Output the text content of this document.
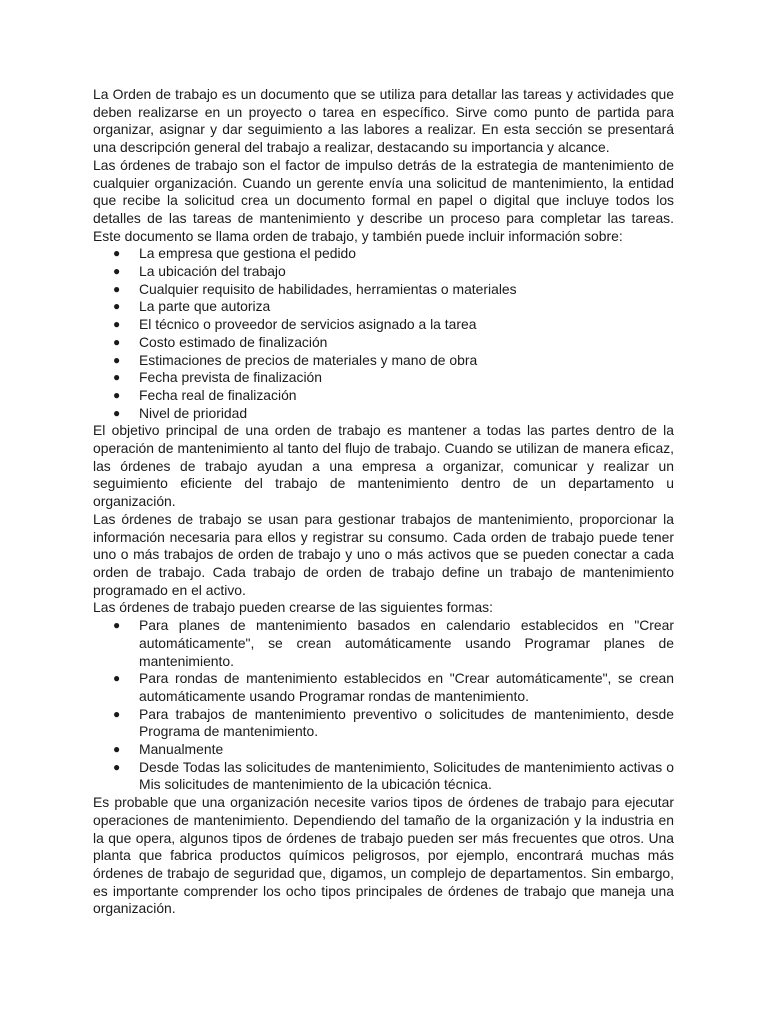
La Orden de trabajo es un documento que se utiliza para detallar las tareas y actividades que deben realizarse en un proyecto o tarea en específico. Sirve como punto de partida para organizar, asignar y dar seguimiento a las labores a realizar. En esta sección se presentará una descripción general del trabajo a realizar, destacando su importancia y alcance.

Las órdenes de trabajo son el factor de impulso detrás de la estrategia de mantenimiento de cualquier organización. Cuando un gerente envía una solicitud de mantenimiento, la entidad que recibe la solicitud crea un documento formal en papel o digital que incluye todos los detalles de las tareas de mantenimiento y describe un proceso para completar las tareas. Este documento se llama orden de trabajo, y también puede incluir información sobre:

● La empresa que gestiona el pedido
● La ubicación del trabajo
● Cualquier requisito de habilidades, herramientas o materiales
● La parte que autoriza
● El técnico o proveedor de servicios asignado a la tarea
● Costo estimado de finalización
● Estimaciones de precios de materiales y mano de obra
● Fecha prevista de finalización
● Fecha real de finalización
● Nivel de prioridad

El objetivo principal de una orden de trabajo es mantener a todas las partes dentro de la operación de mantenimiento al tanto del flujo de trabajo. Cuando se utilizan de manera eficaz, las órdenes de trabajo ayudan a una empresa a organizar, comunicar y realizar un seguimiento eficiente del trabajo de mantenimiento dentro de un departamento u organización.

Las órdenes de trabajo se usan para gestionar trabajos de mantenimiento, proporcionar la información necesaria para ellos y registrar su consumo. Cada orden de trabajo puede tener uno o más trabajos de orden de trabajo y uno o más activos que se pueden conectar a cada orden de trabajo. Cada trabajo de orden de trabajo define un trabajo de mantenimiento programado en el activo.

Las órdenes de trabajo pueden crearse de las siguientes formas:

● Para planes de mantenimiento basados en calendario establecidos en "Crear automáticamente", se crean automáticamente usando Programar planes de mantenimiento.
● Para rondas de mantenimiento establecidos en "Crear automáticamente", se crean automáticamente usando Programar rondas de mantenimiento.
● Para trabajos de mantenimiento preventivo o solicitudes de mantenimiento, desde Programa de mantenimiento.
● Manualmente
● Desde Todas las solicitudes de mantenimiento, Solicitudes de mantenimiento activas o Mis solicitudes de mantenimiento de la ubicación técnica.

Es probable que una organización necesite varios tipos de órdenes de trabajo para ejecutar operaciones de mantenimiento. Dependiendo del tamaño de la organización y la industria en la que opera, algunos tipos de órdenes de trabajo pueden ser más frecuentes que otros. Una planta que fabrica productos químicos peligrosos, por ejemplo, encontrará muchas más órdenes de trabajo de seguridad que, digamos, un complejo de departamentos. Sin embargo, es importante comprender los ocho tipos principales de órdenes de trabajo que maneja una organización.
